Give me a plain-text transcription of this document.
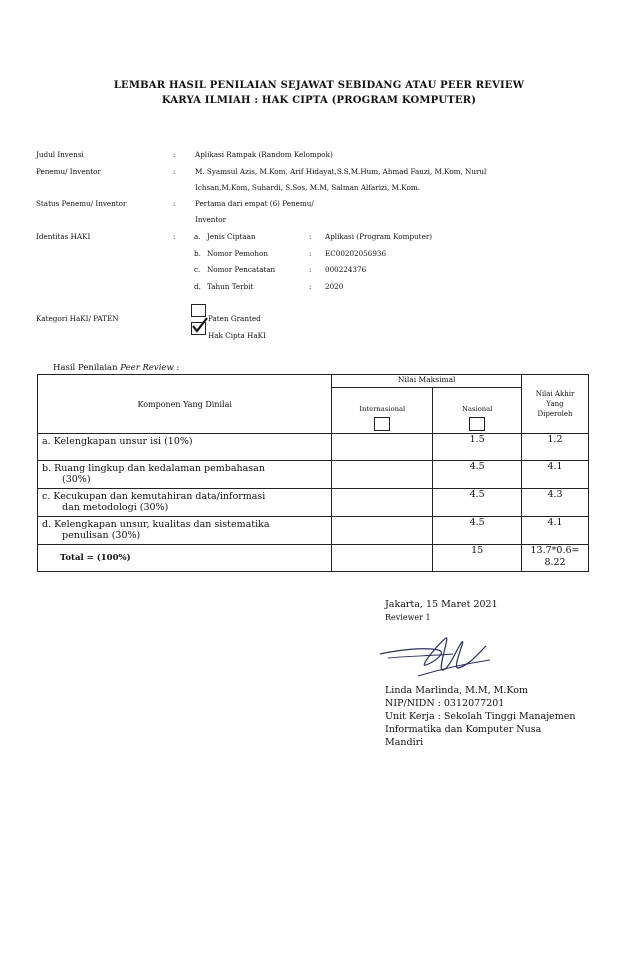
LEMBAR HASIL PENILAIAN SEJAWAT SEBIDANG ATAU PEER REVIEW
KARYA ILMIAH : HAK CIPTA (PROGRAM KOMPUTER)
Judul Invensi	:	Aplikasi Rampak (Random Kelompok)
Penemu/ Inventor	:	M. Syamsul Azis, M.Kom, Arif Hidayat,S.S,M.Hum, Ahmad Fauzi, M.Kom, Nurul
Ichsan,M.Kom, Suhardi, S.Sos, M.M, Salman Alfarizi, M.Kom.
Status Penemu/ Inventor	:	Pertama dari empat (6) Penemu/
Inventor
Identitas HAKI	:	a. Jenis Ciptaan	: Aplikasi (Program Komputer)
b. Nomor Pemohon	: EC00202056936
c. Nomor Pencatatan	: 000224376
d. Tahun Terbit	: 2020
Kategori HaKI/ PATEN	Paten Granted
Hak Cipta HaKI
Hasil Penilaian Peer Review :
Komponen Yang Dinilai	Nilai Maksimal		Nilai Akhir Yang Diperoleh

	Internasional	Nasional	

a. Kelengkapan unsur isi (10%)		1.5	1.2

b. Ruang lingkup dan kedalaman pembahasan
(30%)		4.5	4.1

c. Kecukupan dan kemutahiran data/informasi
dan metodologi (30%)		4.5	4.3

d. Kelengkapan unsur, kualitas dan sistematika
penulisan (30%)		4.5	4.1
Total = (100%)		15	13.7*0.6=
8.22
Jakarta, 15 Maret 2021
Reviewer 1
Linda Marlinda, M.M, M.Kom
NIP/NIDN : 0312077201
Unit Kerja : Sekolah Tinggi Manajemen
Informatika dan Komputer Nusa
Mandiri
